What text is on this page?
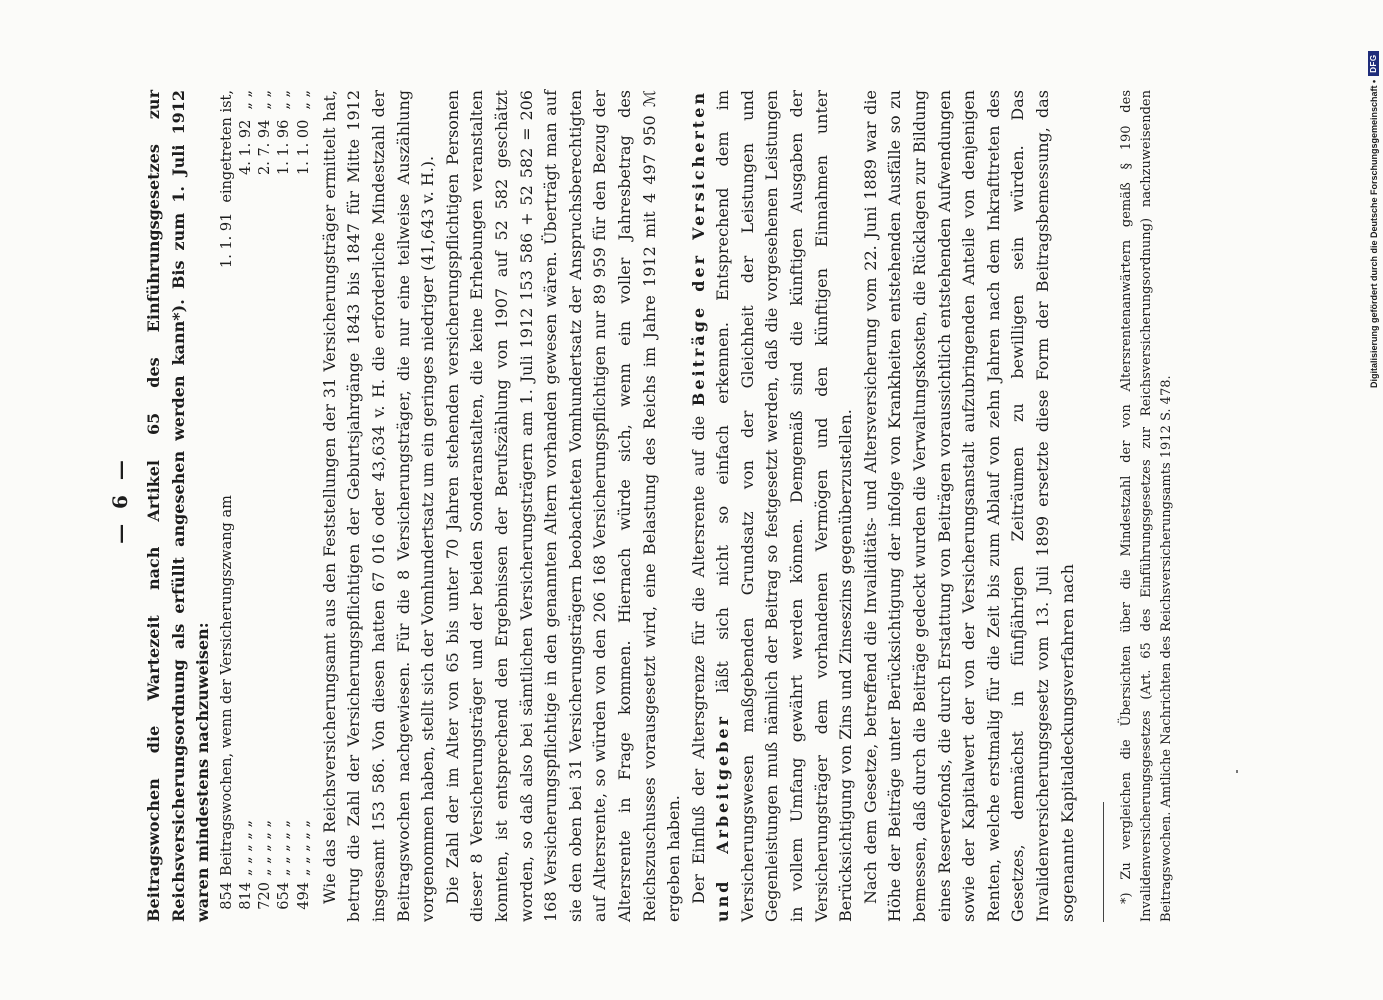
— 6 — Beitragswochen die Wartezeit nach Artikel 65 des Einführungsgesetzes zur Reichsversicherungsordnung als erfüllt angesehen werden kann*). Bis zum 1. Juli 1912 waren mindestens nachzuweisen: 854
Beitragswochen, wenn der Versicherungszwang am
1. 1. 91
eingetreten ist,
814
„ „ „ „ „
4. 1. 92
„ „
720
„ „ „ „ „
2. 7. 94
„ „
654
„ „ „ „ „
1. 1. 96
„ „
494
„ „ „ „ „
1. 1. 00
„ „ Wie das Reichsversicherungsamt aus den Feststellungen der 31 Versicherungsträger ermittelt hat, betrug die Zahl der Versicherungspflichtigen der Geburtsjahrgänge 1843 bis 1847 für Mitte 1912 insgesamt 153 586. Von diesen hatten 67 016 oder 43,634 v. H. die erforderliche Mindestzahl der Beitragswochen nachgewiesen. Für die 8 Versicherungsträger, die nur eine teilweise Auszählung vorgenommen haben, stellt sich der Vomhundertsatz um ein geringes niedriger (41,643 v. H.). Die Zahl der im Alter von 65 bis unter 70 Jahren stehenden versicherungspflichtigen Personen dieser 8 Versicherungsträger und der beiden Sonderanstalten, die keine Erhebungen veranstalten konnten, ist entsprechend den Ergebnissen der Berufszählung von 1907 auf 52 582 geschätzt worden, so daß also bei sämtlichen Versicherungsträgern am 1. Juli 1912 153 586 + 52 582 = 206 168 Versicherungspflichtige in den genannten Altern vorhanden gewesen wären. Überträgt man auf sie den oben bei 31 Versicherungsträgern beobachteten Vomhundertsatz der Anspruchsberechtigten auf Altersrente, so würden von den 206 168 Versicherungspflichtigen nur 89 959 für den Bezug der Altersrente in Frage kommen. Hiernach würde sich, wenn ein voller Jahresbetrag des Reichszuschusses vorausgesetzt wird, eine Belastung des Reichs im Jahre 1912 mit 4 497 950 ℳ ergeben haben. Der Einfluß der Altersgrenze für die Altersrente auf die Beiträge der Versicherten und Arbeitgeber läßt sich nicht so einfach erkennen. Entsprechend dem im Versicherungswesen maßgebenden Grundsatz von der Gleichheit der Leistungen und Gegenleistungen muß nämlich der Beitrag so festgesetzt werden, daß die vorgesehenen Leistungen in vollem Umfang gewährt werden können. Demgemäß sind die künftigen Ausgaben der Versicherungsträger dem vorhandenen Vermögen und den künftigen Einnahmen unter Berücksichtigung von Zins und Zinseszins gegenüberzustellen. Nach dem Gesetze, betreffend die Invaliditäts- und Altersversicherung vom 22. Juni 1889 war die Höhe der Beiträge unter Berücksichtigung der infolge von Krankheiten entstehenden Ausfälle so zu bemessen, daß durch die Beiträge gedeckt wurden die Verwaltungskosten, die Rücklagen zur Bildung eines Reservefonds, die durch Erstattung von Beiträgen voraussichtlich entstehenden Aufwendungen sowie der Kapitalwert der von der Versicherungsanstalt aufzubringenden Anteile von denjenigen Renten, welche erstmalig für die Zeit bis zum Ablauf von zehn Jahren nach dem Inkrafttreten des Gesetzes, demnächst in fünfjährigen Zeiträumen zu bewilligen sein würden. Das Invalidenversicherungsgesetz vom 13. Juli 1899 ersetzte diese Form der Beitragsbemessung, das sogenannte Kapitaldeckungsverfahren nach	*) Zu vergleichen die Übersichten über die Mindestzahl der von Altersrentenanwärtern gemäß § 190 des Invalidenversicherungsgesetzes (Art. 65 des Einführungsgesetzes zur Reichsversicherungsordnung) nachzuweisenden Beitragswochen. Amtliche Nachrichten des Reichsversicherungsamts 1912 S. 478.

Digitalisierung gefördert durch die Deutsche Forschungsgemeinschaft •
DFG
